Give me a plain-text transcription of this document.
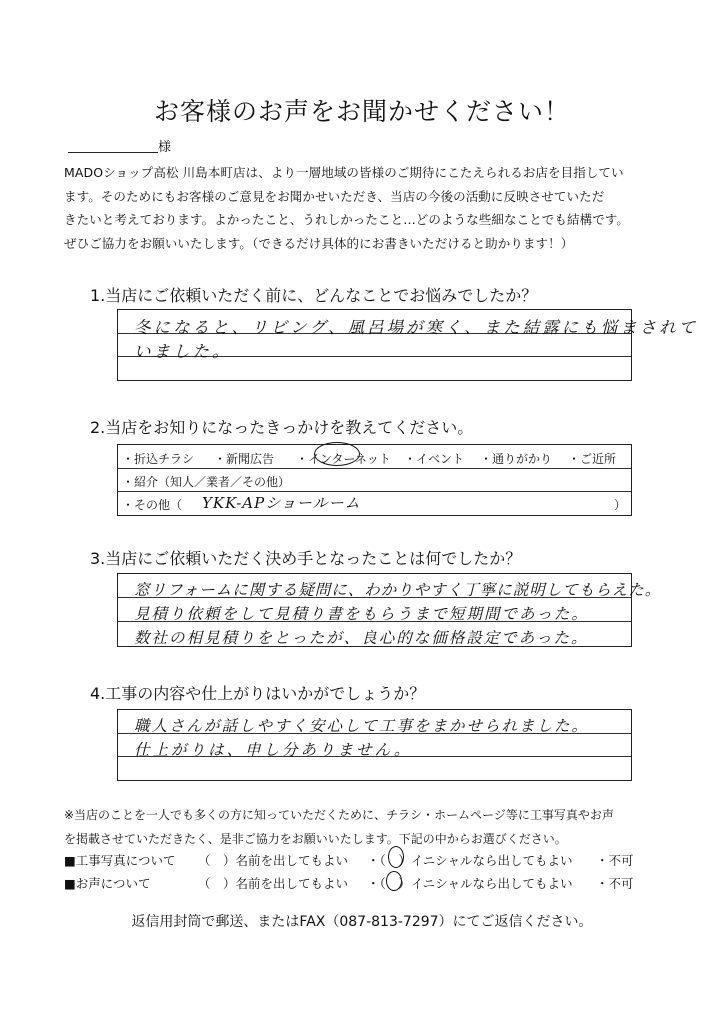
お客様のお声をお聞かせください！
様
MADOショップ高松 川島本町店は、より一層地域の皆様のご期待にこたえられるお店を目指してい
ます。そのためにもお客様のご意見をお聞かせいただき、当店の今後の活動に反映させていただ
きたいと考えております。よかったこと、うれしかったこと…どのような些細なことでも結構です。
ぜひご協力をお願いいたします。（できるだけ具体的にお書きいただけると助かります！）
1.当店にご依頼いただく前に、どんなことでお悩みでしたか？
冬になると、リビング、風呂場が寒く、また結露にも悩まされて
いました。
2.当店をお知りになったきっかけを教えてください。
・折込チラシ ・新聞広告 ・インターネット ・イベント ・通りがかり ・ご近所
・紹介（知人／業者／その他）
・その他（ YKK-APショールーム	）
3.当店にご依頼いただく決め手となったことは何でしたか？
窓リフォームに関する疑問に、わかりやすく丁寧に説明してもらえた。
見積り依頼をして見積り書をもらうまで短期間であった。
数社の相見積りをとったが、良心的な価格設定であった。
4.工事の内容や仕上がりはいかがでしょうか？
職人さんが話しやすく安心して工事をまかせられました。
仕上がりは、申し分ありません。
※当店のことを一人でも多くの方に知っていただくために、チラシ・ホームページ等に工事写真やお声
を掲載させていただきたく、是非ご協力をお願いいたします。下記の中からお選びください。
■工事写真について （　）名前を出してもよい ・（　）イニシャルなら出してもよい ・不可
■お声について	（　）名前を出してもよい ・（　）イニシャルなら出してもよい ・不可
返信用封筒で郵送、またはFAX（087-813-7297）にてご返信ください。
